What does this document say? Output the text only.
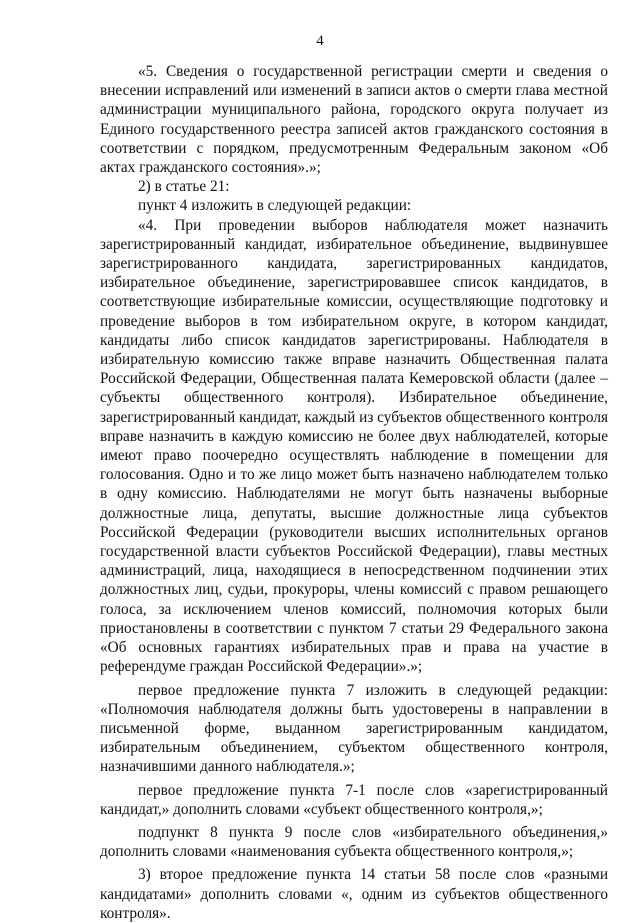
4

«5. Сведения о государственной регистрации смерти и сведения о внесении исправлений или изменений в записи актов о смерти глава местной администрации муниципального района, городского округа получает из Единого государственного реестра записей актов гражданского состояния в соответствии с порядком, предусмотренным Федеральным законом «Об актах гражданского состояния».»;

2) в статье 21:

пункт 4 изложить в следующей редакции:

«4. При проведении выборов наблюдателя может назначить зарегистрированный кандидат, избирательное объединение, выдвинувшее зарегистрированного кандидата, зарегистрированных кандидатов, избирательное объединение, зарегистрировавшее список кандидатов, в соответствующие избирательные комиссии, осуществляющие подготовку и проведение выборов в том избирательном округе, в котором кандидат, кандидаты либо список кандидатов зарегистрированы. Наблюдателя в избирательную комиссию также вправе назначить Общественная палата Российской Федерации, Общественная палата Кемеровской области (далее – субъекты общественного контроля). Избирательное объединение, зарегистрированный кандидат, каждый из субъектов общественного контроля вправе назначить в каждую комиссию не более двух наблюдателей, которые имеют право поочередно осуществлять наблюдение в помещении для голосования. Одно и то же лицо может быть назначено наблюдателем только в одну комиссию. Наблюдателями не могут быть назначены выборные должностные лица, депутаты, высшие должностные лица субъектов Российской Федерации (руководители высших исполнительных органов государственной власти субъектов Российской Федерации), главы местных администраций, лица, находящиеся в непосредственном подчинении этих должностных лиц, судьи, прокуроры, члены комиссий с правом решающего голоса, за исключением членов комиссий, полномочия которых были приостановлены в соответствии с пунктом 7 статьи 29 Федерального закона «Об основных гарантиях избирательных прав и права на участие в референдуме граждан Российской Федерации».»;

первое предложение пункта 7 изложить в следующей редакции: «Полномочия наблюдателя должны быть удостоверены в направлении в письменной форме, выданном зарегистрированным кандидатом, избирательным объединением, субъектом общественного контроля, назначившими данного наблюдателя.»;

первое предложение пункта 7-1 после слов «зарегистрированный кандидат,» дополнить словами «субъект общественного контроля,»;

подпункт 8 пункта 9 после слов «избирательного объединения,» дополнить словами «наименования субъекта общественного контроля,»;

3) второе предложение пункта 14 статьи 58 после слов «разными кандидатами» дополнить словами «, одним из субъектов общественного контроля».
